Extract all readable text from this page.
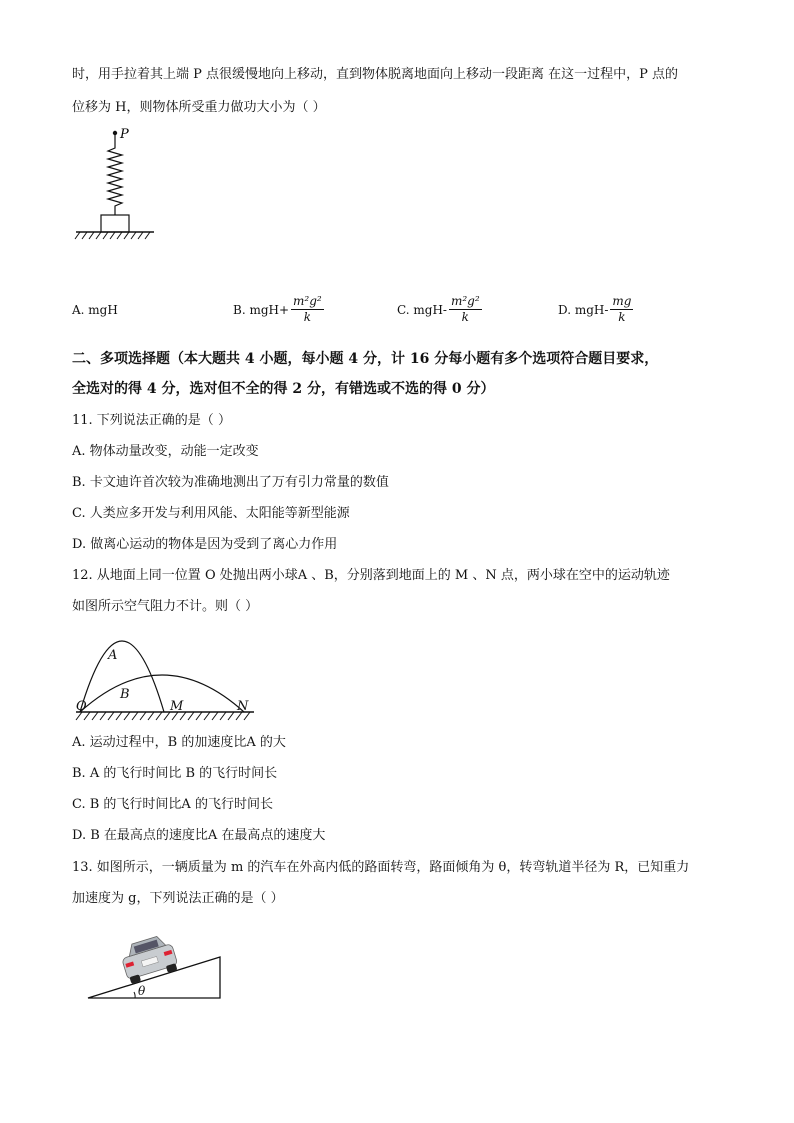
时，用手拉着其上端 P 点很缓慢地向上移动，直到物体脱离地面向上移动一段距离 在这一过程中，P 点的
位移为 H，则物体所受重力做功大小为（ ）
P
A. mgH	B. $mgH+ \frac{\text{m²g²}}{k}$	C. $mgH- \frac{\text{m²g²}}{k}$	D. $mgH- \frac{mg}{k}$
二、多项选择题（本大题共 4 小题，每小题 4 分，计 16 分每小题有多个选项符合题目要求，
全选对的得 4 分，选对但不全的得 2 分，有错选或不选的得 0 分）
11. 下列说法正确的是（ ）
A. 物体动量改变，动能一定改变
B. 卡文迪许首次较为准确地测出了万有引力常量的数值
C. 人类应多开发与利用风能、太阳能等新型能源
D. 做离心运动的物体是因为受到了离心力作用
12. 从地面上同一位置 O 处抛出两小球A 、B，分别落到地面上的 M 、N 点，两小球在空中的运动轨迹
如图所示空气阻力不计。则（ ）
A
B
O	M	N
A. 运动过程中，B 的加速度比A 的大
B. A 的飞行时间比 B 的飞行时间长
C. B 的飞行时间比A 的飞行时间长
D. B 在最高点的速度比A 在最高点的速度大
13. 如图所示，一辆质量为 m 的汽车在外高内低的路面转弯，路面倾角为 θ，转弯轨道半径为 R，已知重力
加速度为 g，下列说法正确的是（ ）
θ
